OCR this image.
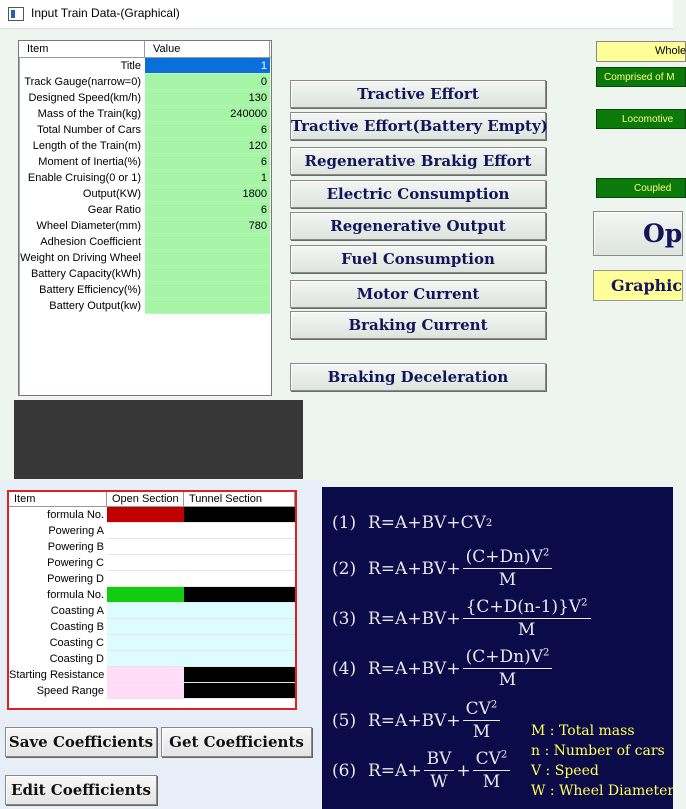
Input Train Data-(Graphical)
Item	Value
Title	1
Track Gauge(narrow=0)	0
Designed Speed(km/h)	130
Mass of the Train(kg)	240000
Total Number of Cars	6
Length of the Train(m)	120
Moment of Inertia(%)	6
Enable Cruising(0 or 1)	1
Output(KW)	1800
Gear Ratio	6
Wheel Diameter(mm)	780
Adhesion Coefficient
Weight on Driving Wheel
Battery Capacity(kWh)
Battery Efficiency(%)
Battery Output(kw)
Tractive Effort
Tractive Effort(Battery Empty)
Regenerative Brakig Effort
Electric Consumption
Regenerative Output
Fuel Consumption
Motor Current
Braking Current
Braking Deceleration
Whole
Comprised of M
Locomotive
Coupled
Op
Graphic
Item	Open Section Tunnel Section
formula No.
Powering A
Powering B
Powering C
Powering D
formula No.
Coasting A
Coasting B
Coasting C
Coasting D
Starting Resistance
Speed Range
Save Coefficients	Get Coefficients
Edit Coefficients
(1) R=A+BV+CV 2
(2) $R=A+BV+ \frac{(C+Dn)V^2}{M}$
(3) $R=A+BV+ \frac{\{C+D(n-1)\}V^2}{M}$
(4) $R=A+BV+ \frac{(C+Dn)V^2}{M}$
(5) $R=A+BV+ \frac{CV^2}{M}$
(6) $R=A+ \frac{BV}{W} + \frac{CV^2}{M}$
M : Total mass
n : Number of cars
V : Speed
W : Wheel Diameter
